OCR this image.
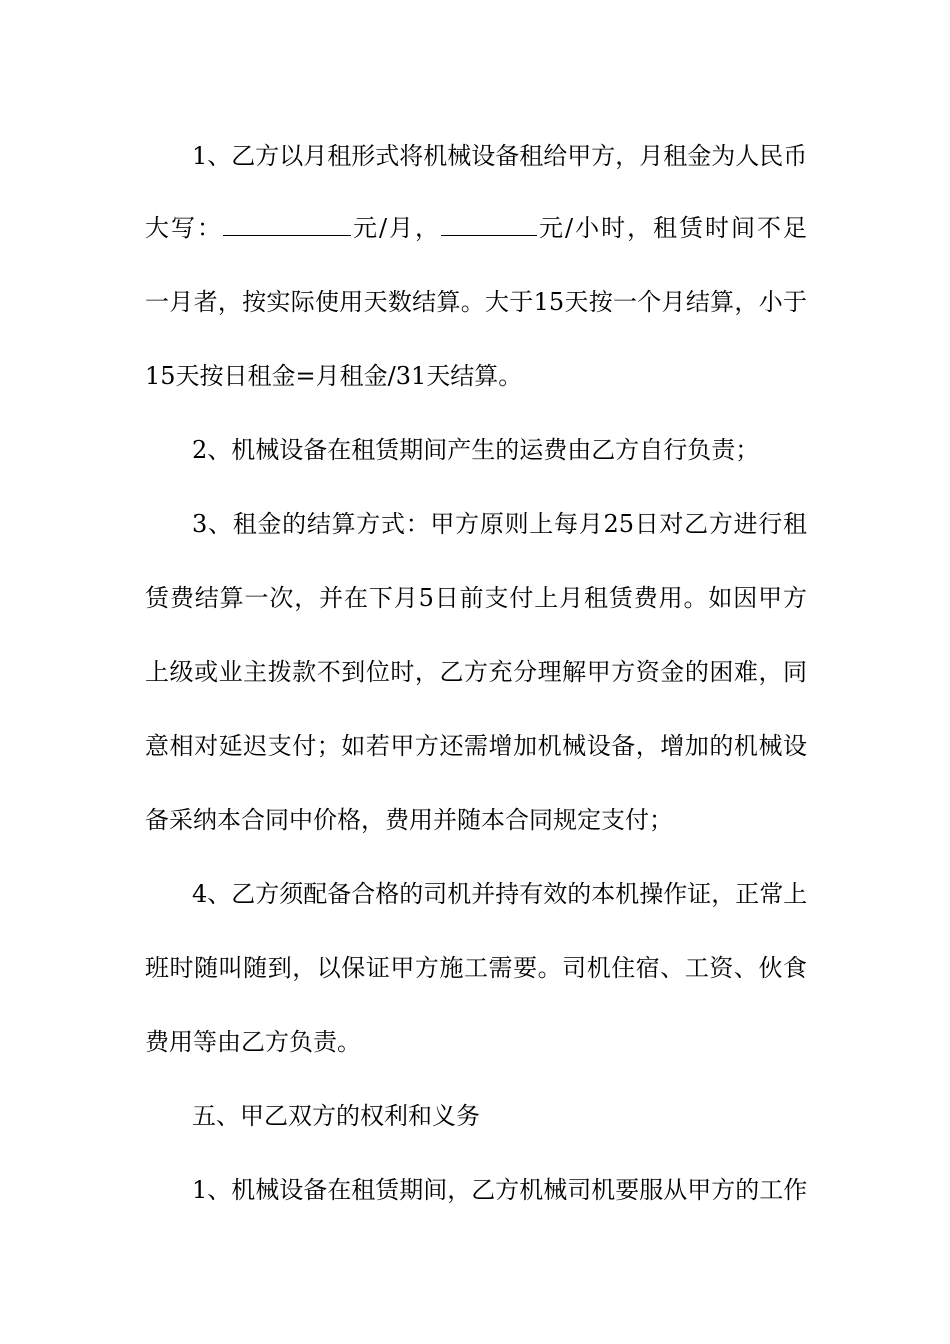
1、乙方以月租形式将机械设备租给甲方，月租金为人民币
大写：	元/月，	元/小时，租赁时间不足
一月者，按实际使用天数结算。大于15天按一个月结算，小于
15天按日租金=月租金/31天结算。
2、机械设备在租赁期间产生的运费由乙方自行负责；
3、租金的结算方式：甲方原则上每月25日对乙方进行租
赁费结算一次，并在下月5日前支付上月租赁费用。如因甲方
上级或业主拨款不到位时，乙方充分理解甲方资金的困难，同
意相对延迟支付；如若甲方还需增加机械设备，增加的机械设
备采纳本合同中价格，费用并随本合同规定支付；
4、乙方须配备合格的司机并持有效的本机操作证，正常上
班时随叫随到，以保证甲方施工需要。司机住宿、工资、伙食
费用等由乙方负责。
五、甲乙双方的权利和义务
1、机械设备在租赁期间，乙方机械司机要服从甲方的工作
